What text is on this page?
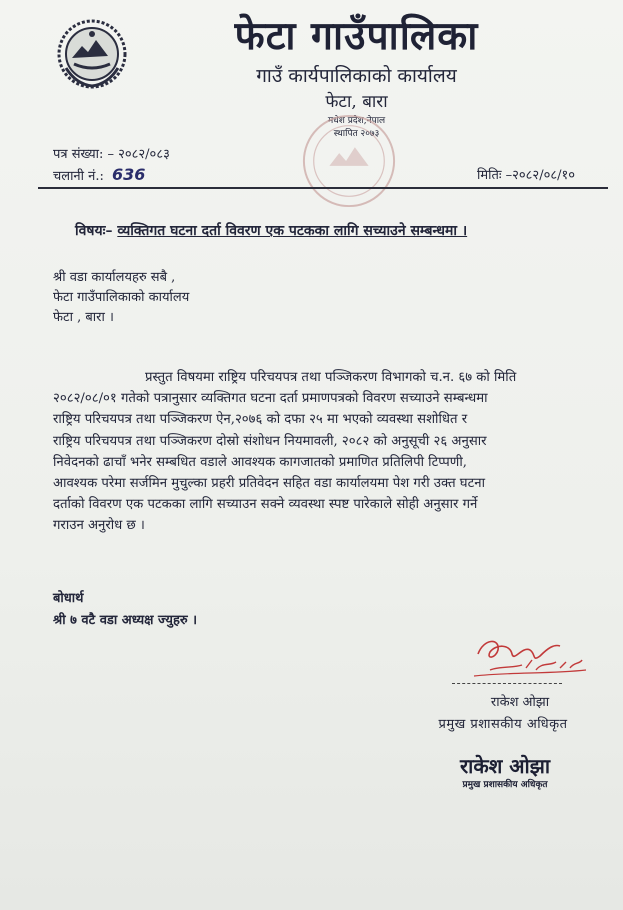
फेटा गाउँपालिका
गाउँ कार्यपालिकाको कार्यालय
फेटा, बारा
मधेश प्रदेश,नेपाल
स्थापित २०७३
पत्र संख्या: – २०८२/०८३
चलानी नं.: 636	मितिः –२०८२/०८/१०
विषयः– व्यक्तिगत घटना दर्ता विवरण एक पटकका लागि सच्याउने सम्बन्धमा ।
श्री वडा कार्यालयहरु सबै ,
फेटा गाउँपालिकाको कार्यालय
फेटा , बारा ।
प्रस्तुत विषयमा राष्ट्रिय परिचयपत्र तथा पञ्जिकरण विभागको च.न. ६७ को मिति
२०८२/०८/०१ गतेको पत्रानुसार व्यक्तिगत घटना दर्ता प्रमाणपत्रको विवरण सच्याउने सम्बन्धमा
राष्ट्रिय परिचयपत्र तथा पञ्जिकरण ऐन,२०७६ को दफा २५ मा भएको व्यवस्था सशोधित र
राष्ट्रिय परिचयपत्र तथा पञ्जिकरण दोस्रो संशोधन नियमावली, २०८२ को अनुसूची २६ अनुसार
निवेदनको ढाचाँ भनेर सम्बधित वडाले आवश्यक कागजातको प्रमाणित प्रतिलिपी टिप्पणी,
आवश्यक परेमा सर्जमिन मुचुल्का प्रहरी प्रतिवेदन सहित वडा कार्यालयमा पेश गरी उक्त घटना
दर्ताको विवरण एक पटकका लागि सच्याउन सक्ने व्यवस्था स्पष्ट पारेकाले सोही अनुसार गर्ने
गराउन अनुरोध छ ।
बोधार्थ
श्री ७ वटै वडा अध्यक्ष ज्युहरु ।
राकेश ओझा
प्रमुख प्रशासकीय अधिकृत
राकेश ओझा
प्रमुख प्रशासकीय अधिकृत
